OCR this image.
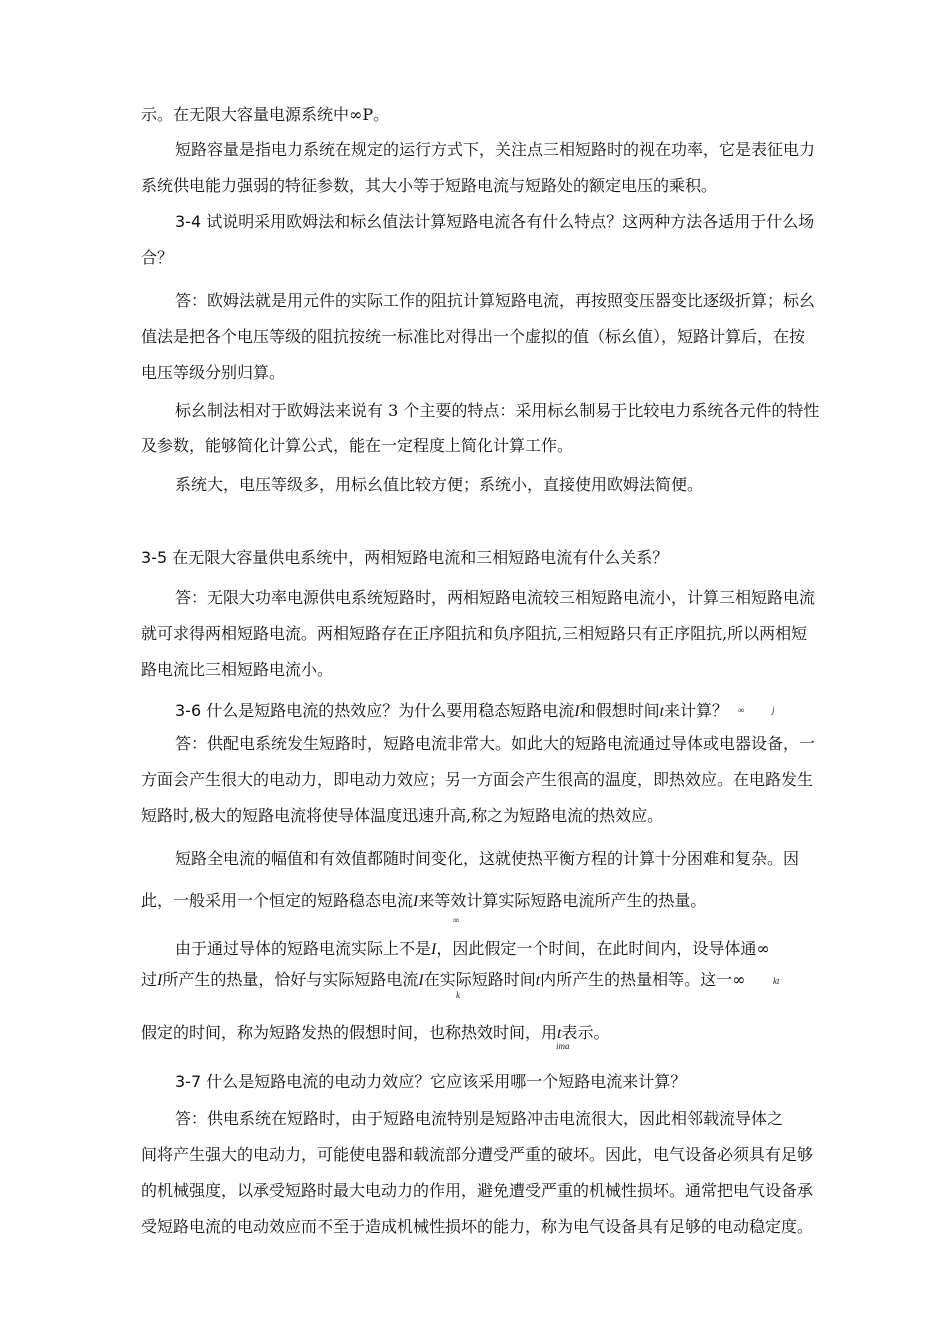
示。在无限大容量电源系统中∞P。
短路容量是指电力系统在规定的运行方式下，关注点三相短路时的视在功率，它是表征电力
系统供电能力强弱的特征参数，其大小等于短路电流与短路处的额定电压的乘积。
3-4 试说明采用欧姆法和标幺值法计算短路电流各有什么特点？这两种方法各适用于什么场
合？
答：欧姆法就是用元件的实际工作的阻抗计算短路电流，再按照变压器变比逐级折算；标幺
值法是把各个电压等级的阻抗按统一标准比对得出一个虚拟的值（标幺值），短路计算后，在按
电压等级分别归算。
标幺制法相对于欧姆法来说有 3 个主要的特点：采用标幺制易于比较电力系统各元件的特性
及参数，能够简化计算公式，能在一定程度上简化计算工作。
系统大，电压等级多，用标幺值比较方便；系统小，直接使用欧姆法简便。
3-5 在无限大容量供电系统中，两相短路电流和三相短路电流有什么关系？
答：无限大功率电源供电系统短路时，两相短路电流较三相短路电流小，计算三相短路电流
就可求得两相短路电流。两相短路存在正序阻抗和负序阻抗,三相短路只有正序阻抗,所以两相短
路电流比三相短路电流小。
3-6 什么是短路电流的热效应？为什么要用稳态短路电流I和假想时间t来计算？ ∞	j
答：供配电系统发生短路时，短路电流非常大。如此大的短路电流通过导体或电器设备，一
方面会产生很大的电动力，即电动力效应；另一方面会产生很高的温度，即热效应。在电路发生
短路时,极大的短路电流将使导体温度迅速升高,称之为短路电流的热效应。
短路全电流的幅值和有效值都随时间变化，这就使热平衡方程的计算十分困难和复杂。因
此，一般采用一个恒定的短路稳态电流I来等效计算实际短路电流所产生的热量。
∞
由于通过导体的短路电流实际上不是I，因此假定一个时间，在此时间内，设导体通∞
过I所产生的热量，恰好与实际短路电流I在实际短路时间t内所产生的热量相等。这一∞	kt
k
假定的时间，称为短路发热的假想时间，也称热效时间，用t表示。
ima
3-7 什么是短路电流的电动力效应？它应该采用哪一个短路电流来计算？
答：供电系统在短路时，由于短路电流特别是短路冲击电流很大，因此相邻载流导体之
间将产生强大的电动力，可能使电器和载流部分遭受严重的破坏。因此，电气设备必须具有足够
的机械强度，以承受短路时最大电动力的作用，避免遭受严重的机械性损坏。通常把电气设备承
受短路电流的电动效应而不至于造成机械性损坏的能力，称为电气设备具有足够的电动稳定度。
